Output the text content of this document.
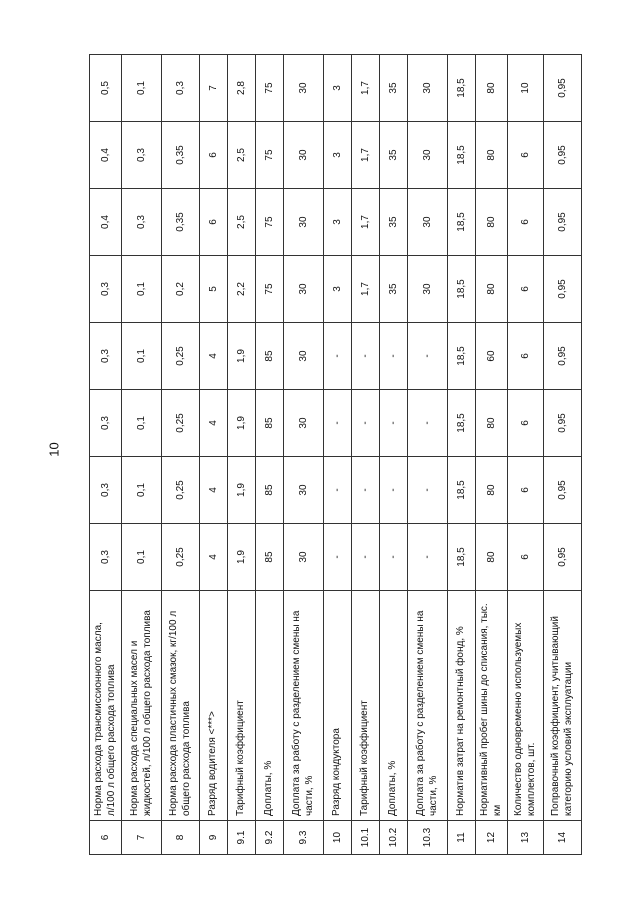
10
6	Норма расхода трансмиссионного масла, л/100 л общего расхода топлива	0,3	0,3	0,3	0,3	0,3	0,4	0,4	0,5
7	Норма расхода специальных масел и жидкостей, л/100 л общего расхода топлива	0,1	0,1	0,1	0,1	0,1	0,3	0,3	0,1
8	Норма расхода пластичных смазок, кг/100 л общего расхода топлива	0,25	0,25	0,25	0,25	0,2	0,35	0,35	0,3
9	Разряд водителя <***>	4	4	4	4	5	6	6	7
9.1	Тарифный коэффициент	1,9	1,9	1,9	1,9	2,2	2,5	2,5	2,8
9.2	Доплаты, %	85	85	85	85	75	75	75	75
9.3	Доплата за работу с разделением смены на части, %	30	30	30	30	30	30	30	30
10	Разряд кондуктора	-	-	-	-	3	3	3	3
10.1	Тарифный коэффициент	-	-	-	-	1,7	1,7	1,7	1,7
10.2	Доплаты, %	-	-	-	-	35	35	35	35
10.3	Доплата за работу с разделением смены на части, %	-	-	-	-	30	30	30	30
11	Норматив затрат на ремонтный фонд, %	18,5	18,5	18,5	18,5	18,5	18,5	18,5	18,5
12	Нормативный пробег шины до списания, тыс. км	80	80	80	60	80	80	80	80
13	Количество одновременно используемых комплектов, шт.	6	6	6	6	6	6	6	10
14	Поправочный коэффициент, учитывающий категорию условий эксплуатации	0,95	0,95	0,95	0,95	0,95	0,95	0,95	0,95
